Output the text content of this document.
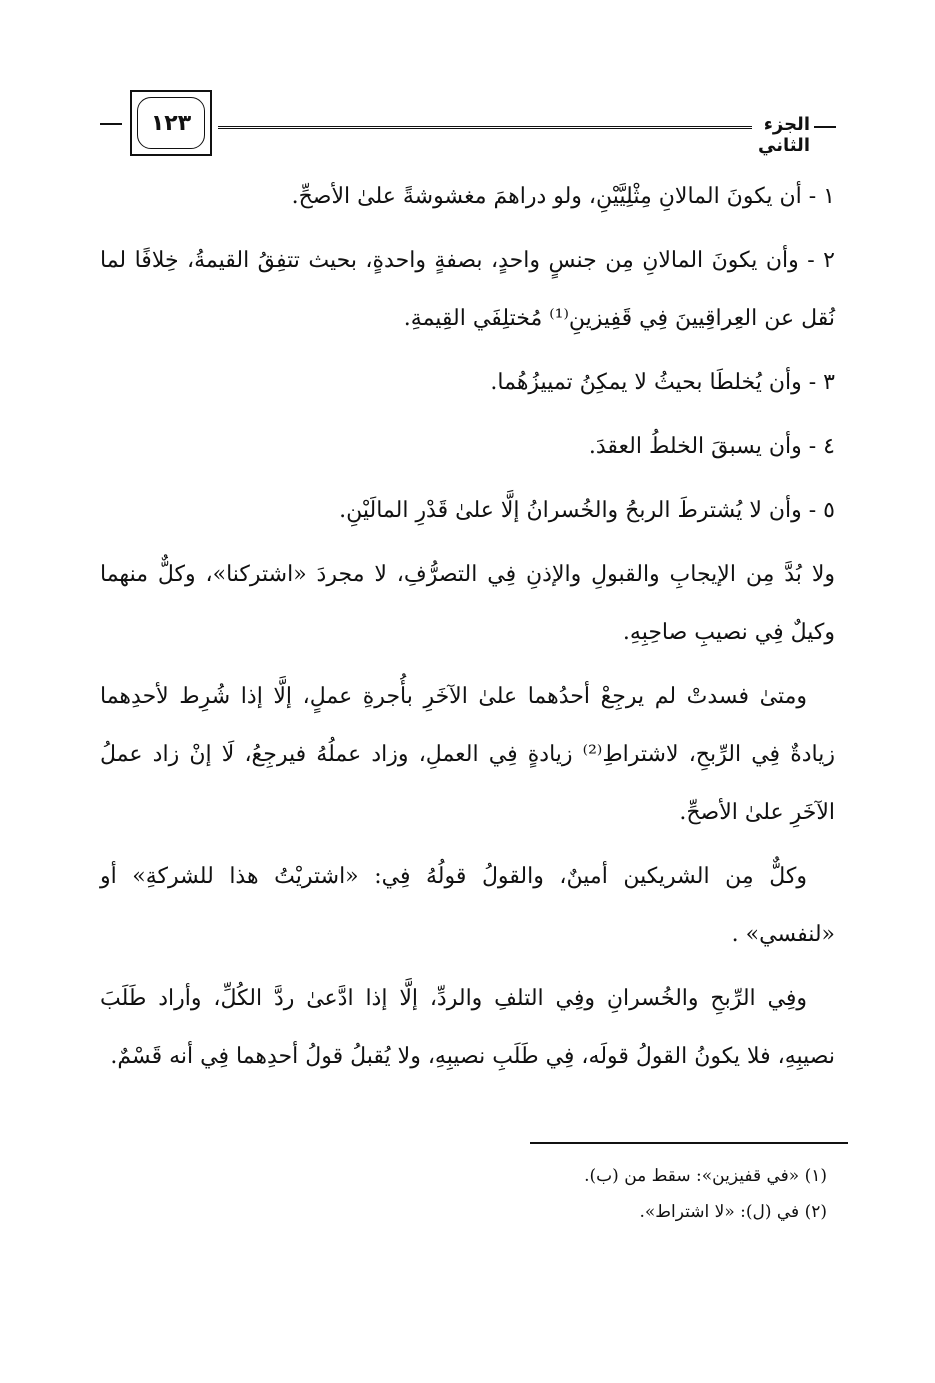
١٢٣	الجزء الثاني

١ - أن يكونَ المالانِ مِثْلِيَّيْنِ، ولو دراهمَ مغشوشةً علىٰ الأصحِّ.

٢ - وأن يكونَ المالانِ مِن جنسٍ واحدٍ، بصفةٍ واحدةٍ، بحيث تتفِقُ القيمةُ، خِلافًا لما نُقل عن العِراقِيينَ فِي قَفِيزينِ⁽¹⁾ مُختلِفَي القِيمةِ.

٣ - وأن يُخلطَا بحيثُ لا يمكِنُ تمييزُهُما.

٤ - وأن يسبقَ الخلطُ العقدَ.

٥ - وأن لا يُشترطَ الربحُ والخُسرانُ إلَّا علىٰ قَدْرِ المالَيْنِ.

ولا بُدَّ مِن الإيجابِ والقبولِ والإذنِ فِي التصرُّفِ، لا مجردَ «اشتركنا»، وكلٌّ منهما وكيلٌ فِي نصيبِ صاحِبِهِ.

ومتىٰ فسدتْ لم يرجِعْ أحدُهما علىٰ الآخَرِ بأُجرةِ عملٍ، إلَّا إذا شُرِط لأحدِهما زيادةٌ فِي الرِّبحِ، لاشتراطِ⁽²⁾ زيادةٍ فِي العملِ، وزاد عملُهُ فيرجِعُ، لَا إنْ زاد عملُ الآخَرِ علىٰ الأصحِّ.

وكلٌّ مِن الشريكين أمينٌ، والقولُ قولُهُ فِي: «اشتريْتُ هذا للشركةِ» أو «لنفسي» .

وفِي الرِّبحِ والخُسرانِ وفِي التلفِ والردِّ، إلَّا إذا ادَّعىٰ ردَّ الكُلِّ، وأراد طَلَبَ نصيبِهِ، فلا يكونُ القولُ قولَه، فِي طَلَبِ نصيبِهِ، ولا يُقبلُ قولُ أحدِهما فِي أنه قَسْمٌ.

(١) «في قفيزين»: سقط من (ب).

(٢) في (ل): «لا اشتراط».
